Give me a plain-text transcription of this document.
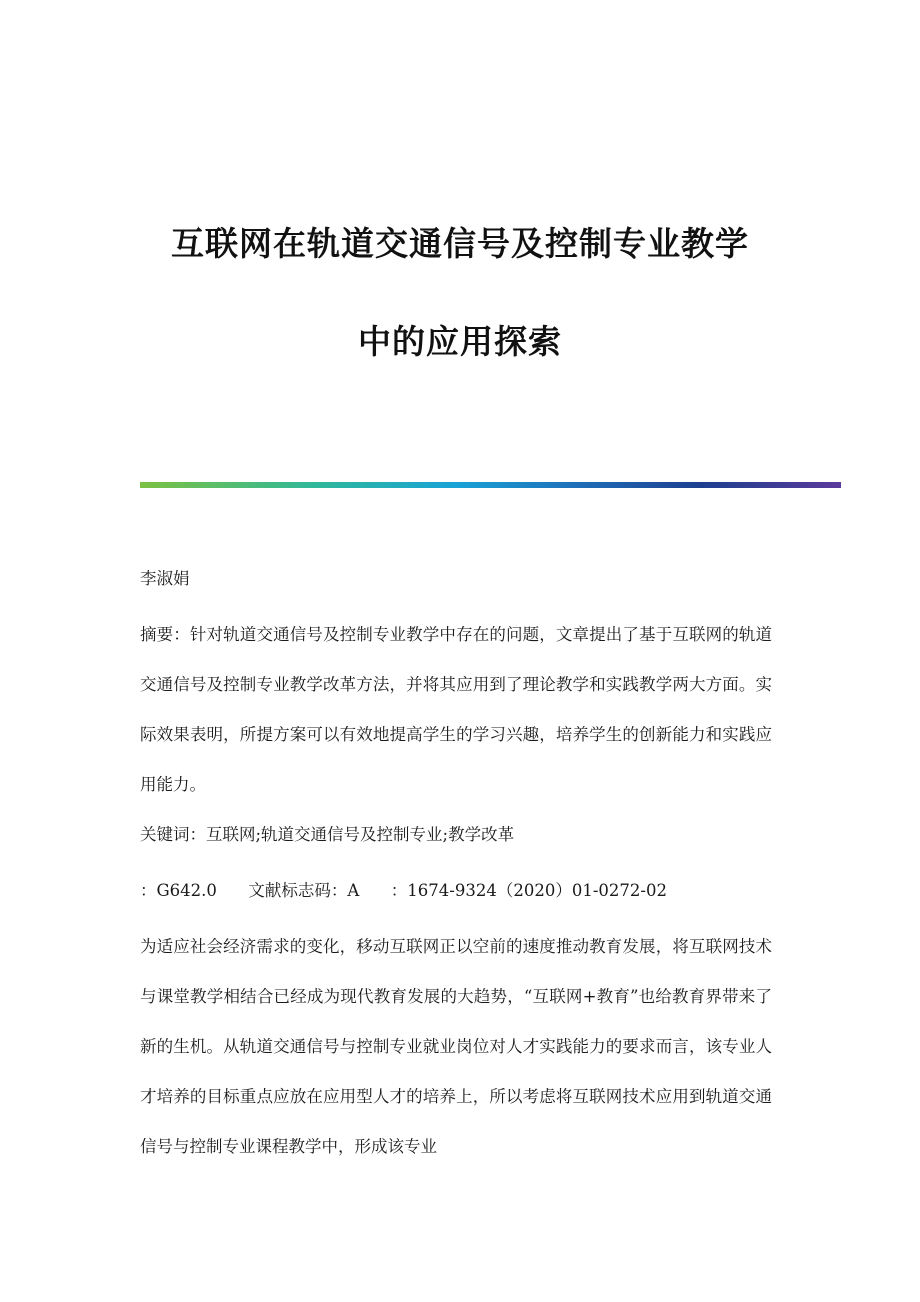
互联网在轨道交通信号及控制专业教学
中的应用探索
李淑娟
摘要：针对轨道交通信号及控制专业教学中存在的问题，文章提出了基于互联网的轨道交通信号及控制专业教学改革方法，并将其应用到了理论教学和实践教学两大方面。实际效果表明，所提方案可以有效地提高学生的学习兴趣，培养学生的创新能力和实践应用能力。
关键词：互联网;轨道交通信号及控制专业;教学改革
：G642.0      文献标志码：A      ：1674-9324（2020）01-0272-02
为适应社会经济需求的变化，移动互联网正以空前的速度推动教育发展，将互联网技术与课堂教学相结合已经成为现代教育发展的大趋势，“互联网+教育”也给教育界带来了新的生机。从轨道交通信号与控制专业就业岗位对人才实践能力的要求而言，该专业人才培养的目标重点应放在应用型人才的培养上，所以考虑将互联网技术应用到轨道交通信号与控制专业课程教学中，形成该专业
